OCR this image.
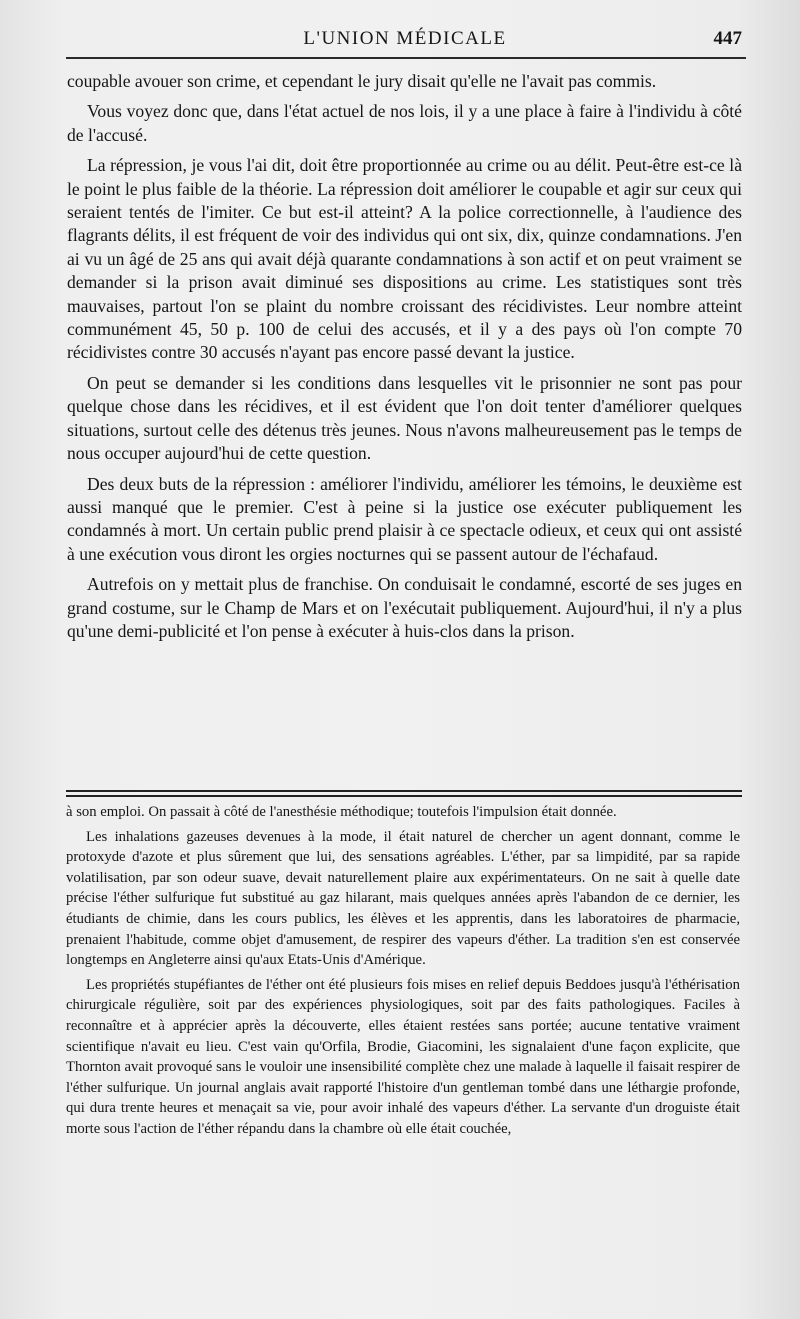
L'UNION MÉDICALE	447

coupable avouer son crime, et cependant le jury disait qu'elle ne l'avait pas commis.

Vous voyez donc que, dans l'état actuel de nos lois, il y a une place à faire à l'individu à côté de l'accusé.

La répression, je vous l'ai dit, doit être proportionnée au crime ou au délit. Peut-être est-ce là le point le plus faible de la théorie. La répression doit améliorer le coupable et agir sur ceux qui seraient tentés de l'imiter. Ce but est-il atteint? A la police correctionnelle, à l'audience des flagrants délits, il est fréquent de voir des individus qui ont six, dix, quinze condamnations. J'en ai vu un âgé de 25 ans qui avait déjà quarante condamnations à son actif et on peut vraiment se demander si la prison avait diminué ses dispositions au crime. Les statistiques sont très mauvaises, partout l'on se plaint du nombre croissant des récidivistes. Leur nombre atteint communément 45, 50 p. 100 de celui des accusés, et il y a des pays où l'on compte 70 récidivistes contre 30 accusés n'ayant pas encore passé devant la justice.

On peut se demander si les conditions dans lesquelles vit le prisonnier ne sont pas pour quelque chose dans les récidives, et il est évident que l'on doit tenter d'améliorer quelques situations, surtout celle des détenus très jeunes. Nous n'avons malheureusement pas le temps de nous occuper aujourd'hui de cette question.

Des deux buts de la répression : améliorer l'individu, améliorer les témoins, le deuxième est aussi manqué que le premier. C'est à peine si la justice ose exécuter publiquement les condamnés à mort. Un certain public prend plaisir à ce spectacle odieux, et ceux qui ont assisté à une exécution vous diront les orgies nocturnes qui se passent autour de l'échafaud.

Autrefois on y mettait plus de franchise. On conduisait le condamné, escorté de ses juges en grand costume, sur le Champ de Mars et on l'exécutait publiquement. Aujourd'hui, il n'y a plus qu'une demi-publicité et l'on pense à exécuter à huis-clos dans la prison.

à son emploi. On passait à côté de l'anesthésie méthodique; toutefois l'impulsion était donnée.

Les inhalations gazeuses devenues à la mode, il était naturel de chercher un agent donnant, comme le protoxyde d'azote et plus sûrement que lui, des sensations agréables. L'éther, par sa limpidité, par sa rapide volatilisation, par son odeur suave, devait naturellement plaire aux expérimentateurs. On ne sait à quelle date précise l'éther sulfurique fut substitué au gaz hilarant, mais quelques années après l'abandon de ce dernier, les étudiants de chimie, dans les cours publics, les élèves et les apprentis, dans les laboratoires de pharmacie, prenaient l'habitude, comme objet d'amusement, de respirer des vapeurs d'éther. La tradition s'en est conservée longtemps en Angleterre ainsi qu'aux Etats-Unis d'Amérique.

Les propriétés stupéfiantes de l'éther ont été plusieurs fois mises en relief depuis Beddoes jusqu'à l'éthérisation chirurgicale régulière, soit par des expériences physiologiques, soit par des faits pathologiques. Faciles à reconnaître et à apprécier après la découverte, elles étaient restées sans portée; aucune tentative vraiment scientifique n'avait eu lieu. C'est vain qu'Orfila, Brodie, Giacomini, les signalaient d'une façon explicite, que Thornton avait provoqué sans le vouloir une insensibilité complète chez une malade à laquelle il faisait respirer de l'éther sulfurique. Un journal anglais avait rapporté l'histoire d'un gentleman tombé dans une léthargie profonde, qui dura trente heures et menaçait sa vie, pour avoir inhalé des vapeurs d'éther. La servante d'un droguiste était morte sous l'action de l'éther répandu dans la chambre où elle était couchée,
